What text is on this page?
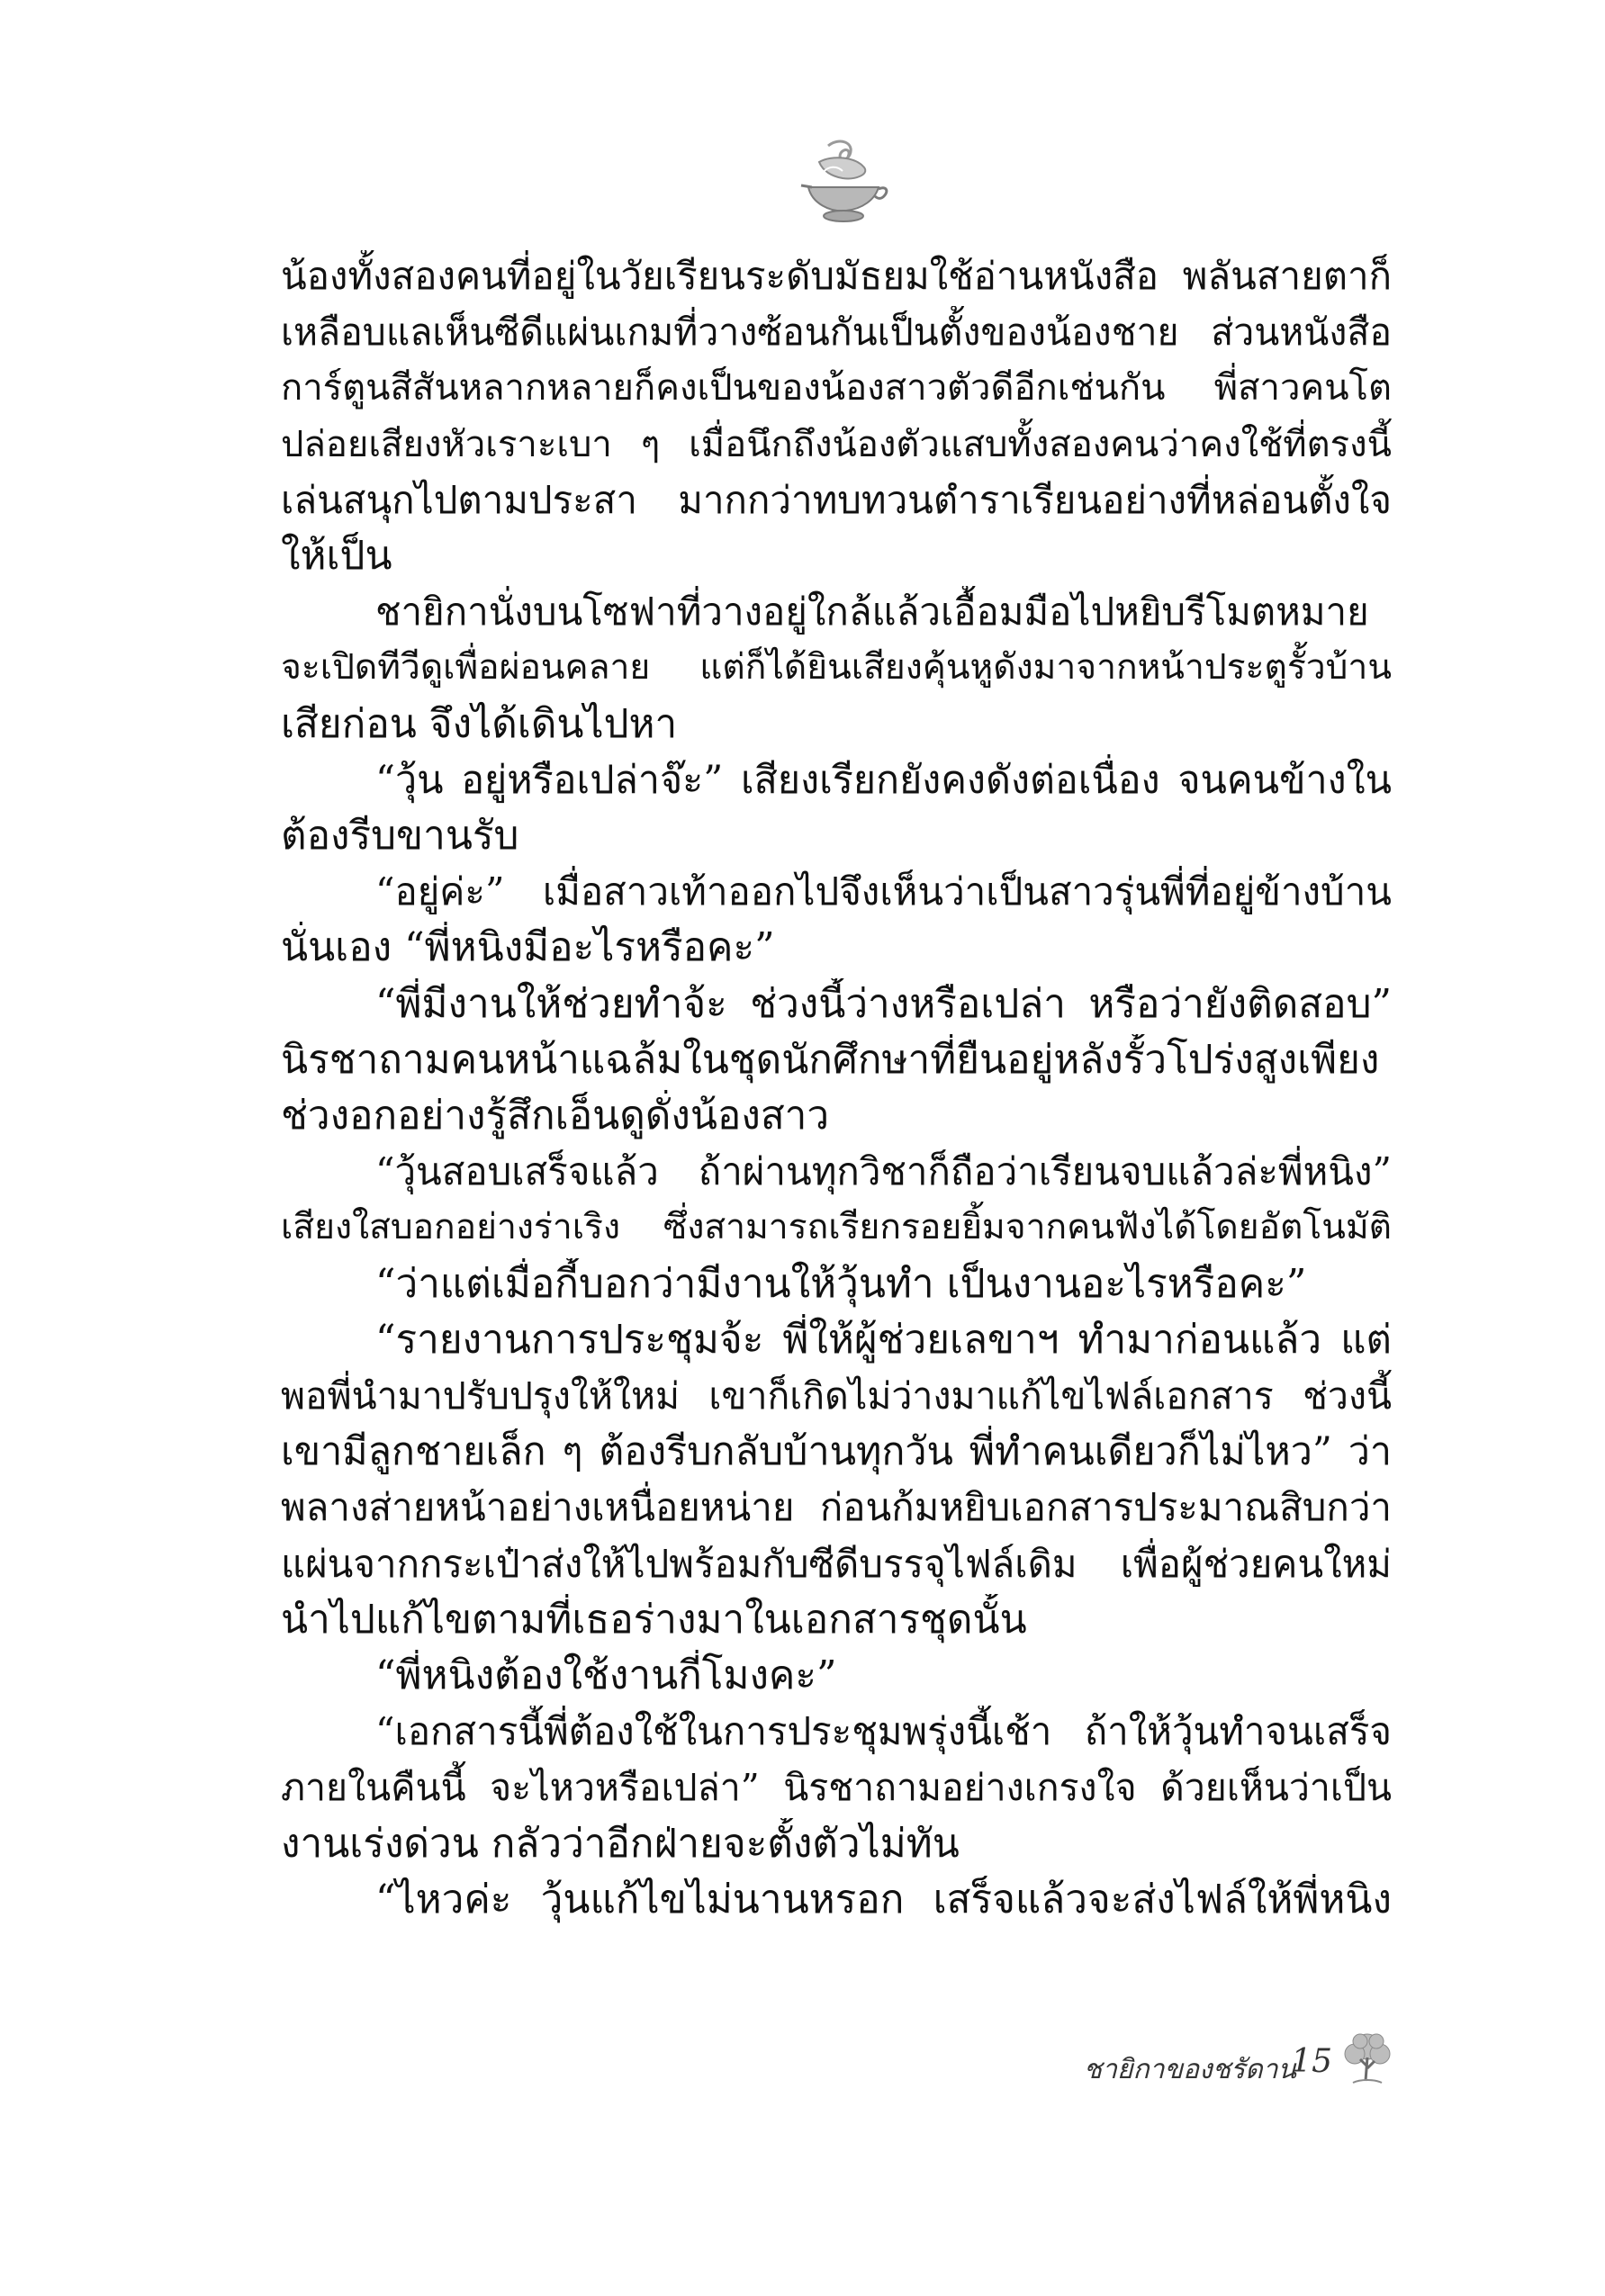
น้องทั้งสองคนที่อยู่ในวัยเรียนระดับมัธยมใช้อ่านหนังสือ พลันสายตาก็
เหลือบแลเห็นซีดีแผ่นเกมที่วางซ้อนกันเป็นตั้งของน้องชาย ส่วนหนังสือ
การ์ตูนสีสันหลากหลายก็คงเป็นของน้องสาวตัวดีอีกเช่นกัน พี่สาวคนโต
ปล่อยเสียงหัวเราะเบา ๆ เมื่อนึกถึงน้องตัวแสบทั้งสองคนว่าคงใช้ที่ตรงนี้
เล่นสนุกไปตามประสา มากกว่าทบทวนตำราเรียนอย่างที่หล่อนตั้งใจ
ให้เป็น
ชายิกานั่งบนโซฟาที่วางอยู่ใกล้แล้วเอื้อมมือไปหยิบรีโมตหมาย
จะเปิดทีวีดูเพื่อผ่อนคลาย แต่ก็ได้ยินเสียงคุ้นหูดังมาจากหน้าประตูรั้วบ้าน
เสียก่อน จึงได้เดินไปหา
“วุ้น อยู่หรือเปล่าจ๊ะ” เสียงเรียกยังคงดังต่อเนื่อง จนคนข้างใน
ต้องรีบขานรับ
“อยู่ค่ะ” เมื่อสาวเท้าออกไปจึงเห็นว่าเป็นสาวรุ่นพี่ที่อยู่ข้างบ้าน
นั่นเอง “พี่หนิงมีอะไรหรือคะ”
“พี่มีงานให้ช่วยทำจ้ะ ช่วงนี้ว่างหรือเปล่า หรือว่ายังติดสอบ”
นิรชาถามคนหน้าแฉล้มในชุดนักศึกษาที่ยืนอยู่หลังรั้วโปร่งสูงเพียง
ช่วงอกอย่างรู้สึกเอ็นดูดั่งน้องสาว
“วุ้นสอบเสร็จแล้ว ถ้าผ่านทุกวิชาก็ถือว่าเรียนจบแล้วล่ะพี่หนิง”
เสียงใสบอกอย่างร่าเริง ซึ่งสามารถเรียกรอยยิ้มจากคนฟังได้โดยอัตโนมัติ
“ว่าแต่เมื่อกี้บอกว่ามีงานให้วุ้นทำ เป็นงานอะไรหรือคะ”
“รายงานการประชุมจ้ะ พี่ให้ผู้ช่วยเลขาฯ ทำมาก่อนแล้ว แต่
พอพี่นำมาปรับปรุงให้ใหม่ เขาก็เกิดไม่ว่างมาแก้ไขไฟล์เอกสาร ช่วงนี้
เขามีลูกชายเล็ก ๆ ต้องรีบกลับบ้านทุกวัน พี่ทำคนเดียวก็ไม่ไหว” ว่า
พลางส่ายหน้าอย่างเหนื่อยหน่าย ก่อนก้มหยิบเอกสารประมาณสิบกว่า
แผ่นจากกระเป๋าส่งให้ไปพร้อมกับซีดีบรรจุไฟล์เดิม เพื่อผู้ช่วยคนใหม่
นำไปแก้ไขตามที่เธอร่างมาในเอกสารชุดนั้น
“พี่หนิงต้องใช้งานกี่โมงคะ”
“เอกสารนี้พี่ต้องใช้ในการประชุมพรุ่งนี้เช้า ถ้าให้วุ้นทำจนเสร็จ
ภายในคืนนี้ จะไหวหรือเปล่า” นิรชาถามอย่างเกรงใจ ด้วยเห็นว่าเป็น
งานเร่งด่วน กลัวว่าอีกฝ่ายจะตั้งตัวไม่ทัน
“ไหวค่ะ วุ้นแก้ไขไม่นานหรอก เสร็จแล้วจะส่งไฟล์ให้พี่หนิง
ชายิกาของชรัดาน
15
